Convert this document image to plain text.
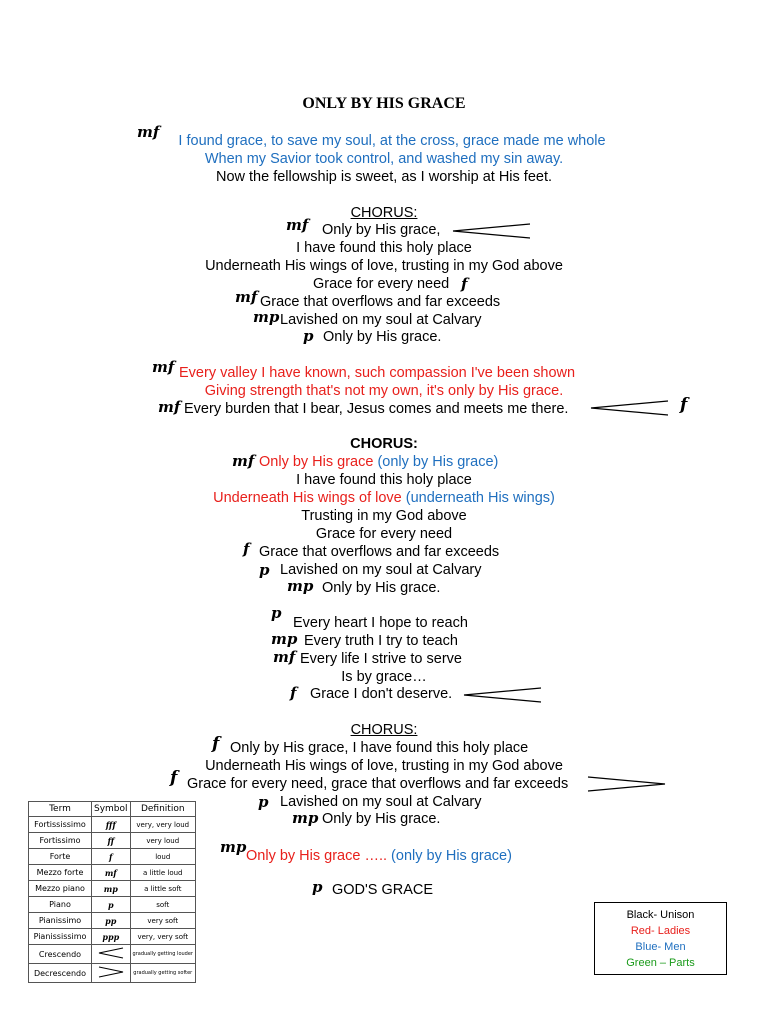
ONLY BY HIS GRACE
mf	I found grace, to save my soul, at the cross, grace made me whole
When my Savior took control, and washed my sin away.
Now the fellowship is sweet, as I worship at His feet.
CHORUS:
mf Only by His grace,
I have found this holy place
Underneath His wings of love, trusting in my God above
Grace for every need f
mf Grace that overflows and far exceeds
mp Lavished on my soul at Calvary
p Only by His grace.
mf Every valley I have known, such compassion I've been shown
Giving strength that's not my own, it's only by His grace.
mf Every burden that I bear, Jesus comes and meets me there.	f
CHORUS:
mf Only by His grace (only by His grace)
I have found this holy place
Underneath His wings of love (underneath His wings)
Trusting in my God above
Grace for every need
f Grace that overflows and far exceeds
p Lavished on my soul at Calvary
mp Only by His grace.
p
Every heart I hope to reach
mp Every truth I try to teach
mf Every life I strive to serve
Is by grace…
f Grace I don't deserve.
CHORUS:
f Only by His grace, I have found this holy place
Underneath His wings of love, trusting in my God above
f Grace for every need, grace that overflows and far exceeds
p Lavished on my soul at Calvary
mp Only by His grace.
mp Only by His grace ….. (only by His grace)
p GOD'S GRACE
Term	Symbol	Definition
Fortississimo	fff	very, very loud
Fortissimo	ff	very loud
Forte	f	loud
Mezzo forte	mf	a little loud
Mezzo piano	mp	a little soft
Piano	p	soft
Pianissimo	pp	very soft
Pianississimo	ppp	very, very soft
Crescendo		gradually getting louder
Decrescendo		gradually getting softer
Black- Unison
Red- Ladies
Blue- Men
Green – Parts
